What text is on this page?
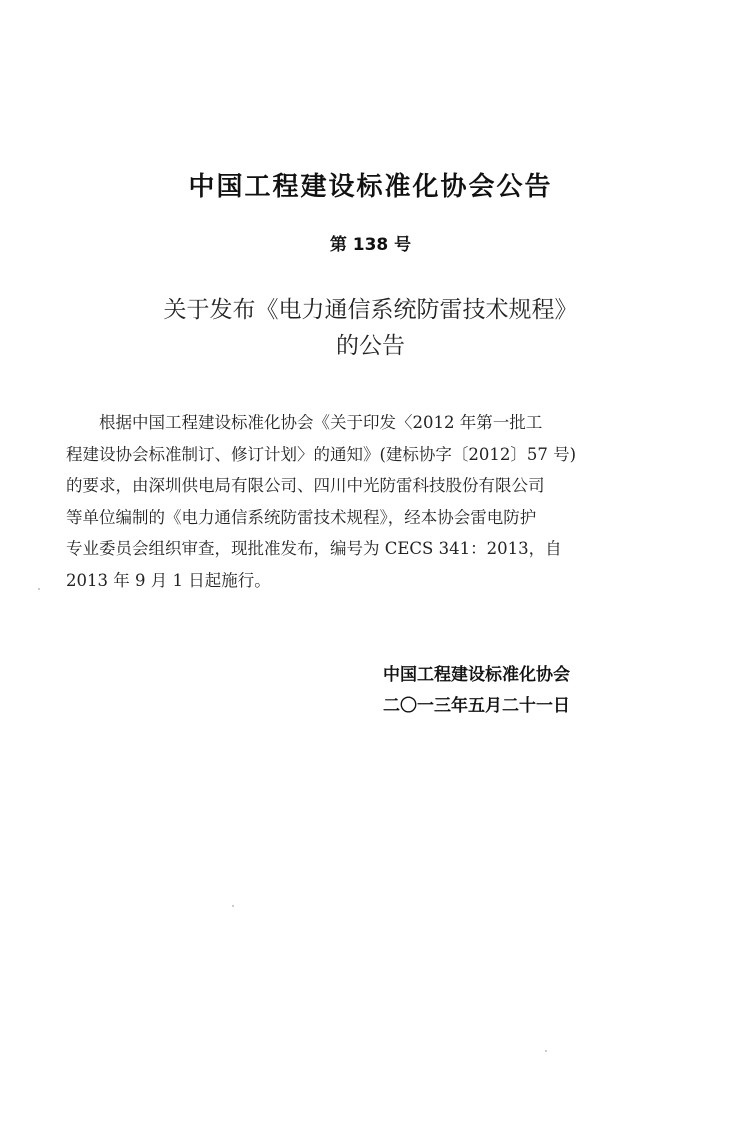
中国工程建设标准化协会公告
第 138 号
关于发布《电力通信系统防雷技术规程》
的公告
根据中国工程建设标准化协会《关于印发〈2012 年第一批工
程建设协会标准制订、修订计划〉的通知》(建标协字〔2012〕57 号)
的要求，由深圳供电局有限公司、四川中光防雷科技股份有限公司
等单位编制的《电力通信系统防雷技术规程》，经本协会雷电防护
专业委员会组织审查，现批准发布，编号为 CECS 341：2013，自
2013 年 9 月 1 日起施行。
中国工程建设标准化协会
二〇一三年五月二十一日
